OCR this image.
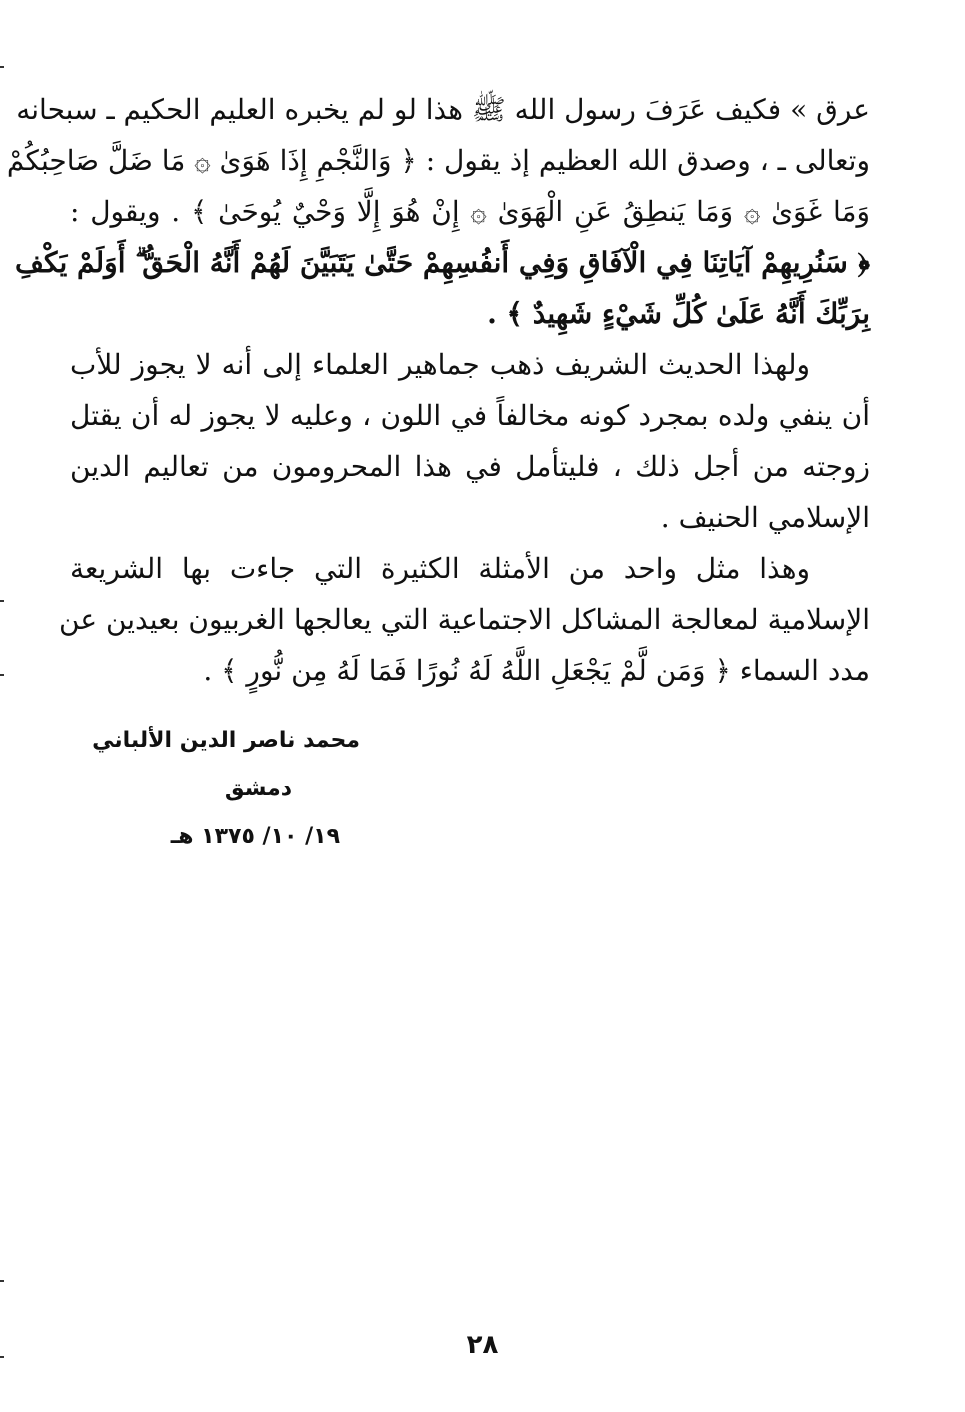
عرق » فكيف عَرَفَ رسول الله ﷺ هذا لو لم يخبره العليم الحكيم ـ سبحانه
وتعالى ـ ، وصدق الله العظيم إذ يقول : ﴿ وَالنَّجْمِ إِذَا هَوَىٰ ۞ مَا ضَلَّ صَاحِبُكُمْ
وَمَا غَوَىٰ ۞ وَمَا يَنطِقُ عَنِ الْهَوَىٰ ۞ إِنْ هُوَ إِلَّا وَحْيٌ يُوحَىٰ ﴾ . ويقول :
﴿ سَنُرِيهِمْ آيَاتِنَا فِي الْآفَاقِ وَفِي أَنفُسِهِمْ حَتَّىٰ يَتَبَيَّنَ لَهُمْ أَنَّهُ الْحَقُّ ۗ أَوَلَمْ يَكْفِ
بِرَبِّكَ أَنَّهُ عَلَىٰ كُلِّ شَيْءٍ شَهِيدٌ ﴾ .

ولهذا الحديث الشريف ذهب جماهير العلماء إلى أنه لا يجوز للأب
أن ينفي ولده بمجرد كونه مخالفاً في اللون ، وعليه لا يجوز له أن يقتل
زوجته من أجل ذلك ، فليتأمل في هذا المحرومون من تعاليم الدين
الإسلامي الحنيف .

وهذا مثل واحد من الأمثلة الكثيرة التي جاءت بها الشريعة
الإسلامية لمعالجة المشاكل الاجتماعية التي يعالجها الغربيون بعيدين عن
مدد السماء ﴿ وَمَن لَّمْ يَجْعَلِ اللَّهُ لَهُ نُورًا فَمَا لَهُ مِن نُّورٍ ﴾ .

محمد ناصر الدين الألباني
دمشق
١٩/ ١٠/ ١٣٧٥ هـ
٢٨
